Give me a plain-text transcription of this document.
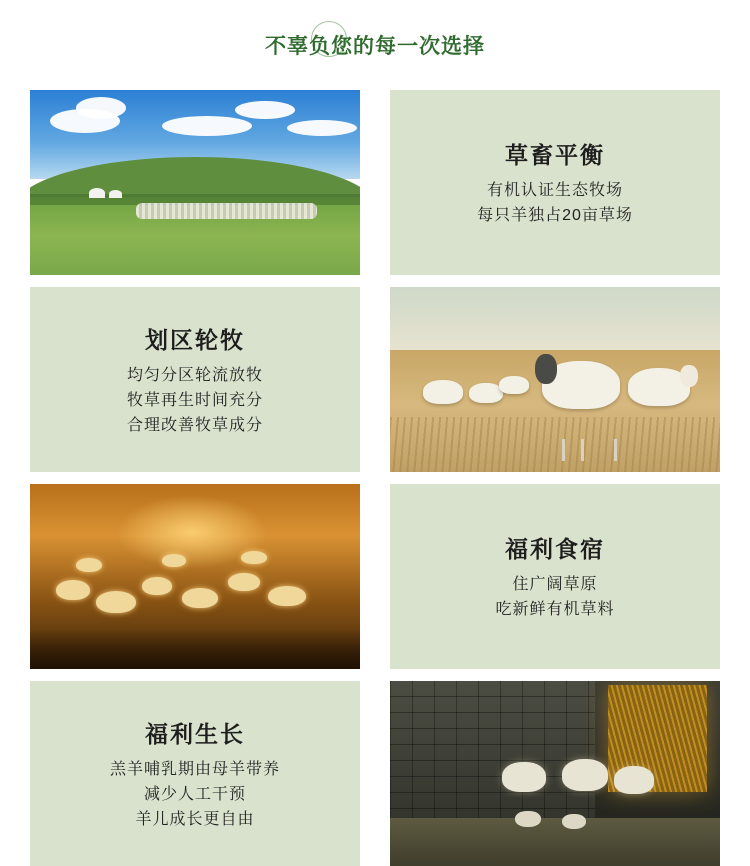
不辜负您的每一次选择
草畜平衡
有机认证生态牧场
每只羊独占20亩草场
划区轮牧
均匀分区轮流放牧
牧草再生时间充分
合理改善牧草成分
福利食宿
住广阔草原
吃新鲜有机草料
福利生长
羔羊哺乳期由母羊带养
减少人工干预
羊儿成长更自由
